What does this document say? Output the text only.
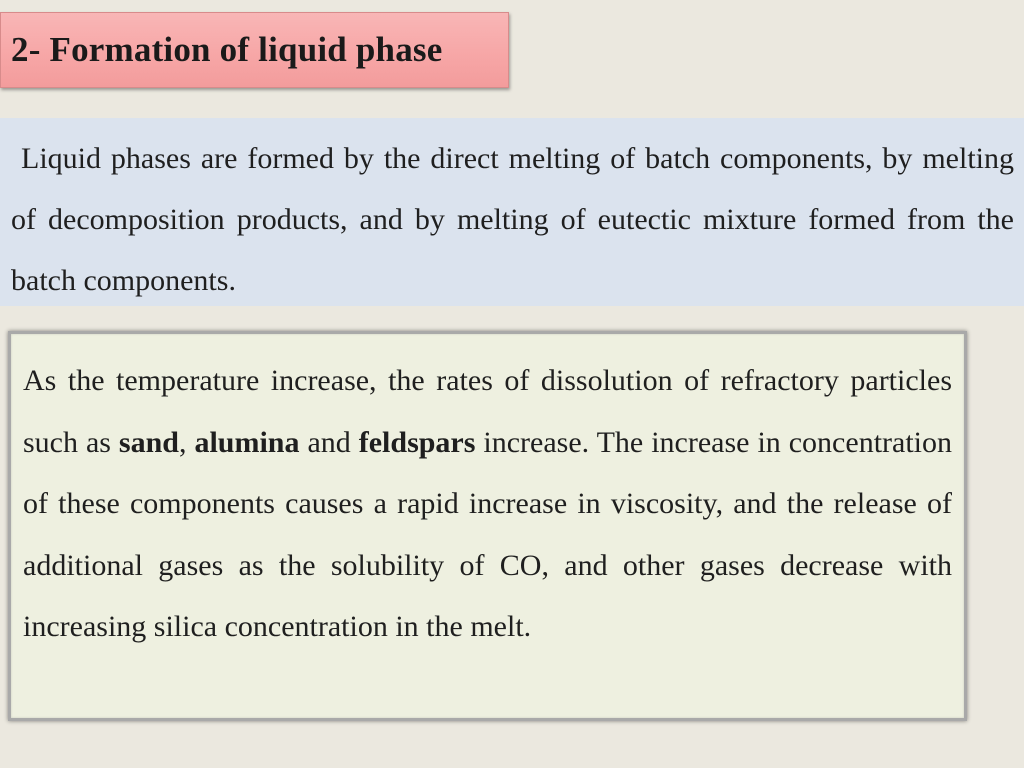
2- Formation of liquid phase

Liquid phases are formed by the direct melting of batch components, by melting of decomposition products, and by melting of eutectic mixture formed from the batch components.

As the temperature increase, the rates of dissolution of refractory particles such as sand, alumina and feldspars increase. The increase in concentration of these components causes a rapid increase in viscosity, and the release of additional gases as the solubility of CO, and other gases decrease with increasing silica concentration in the melt.
